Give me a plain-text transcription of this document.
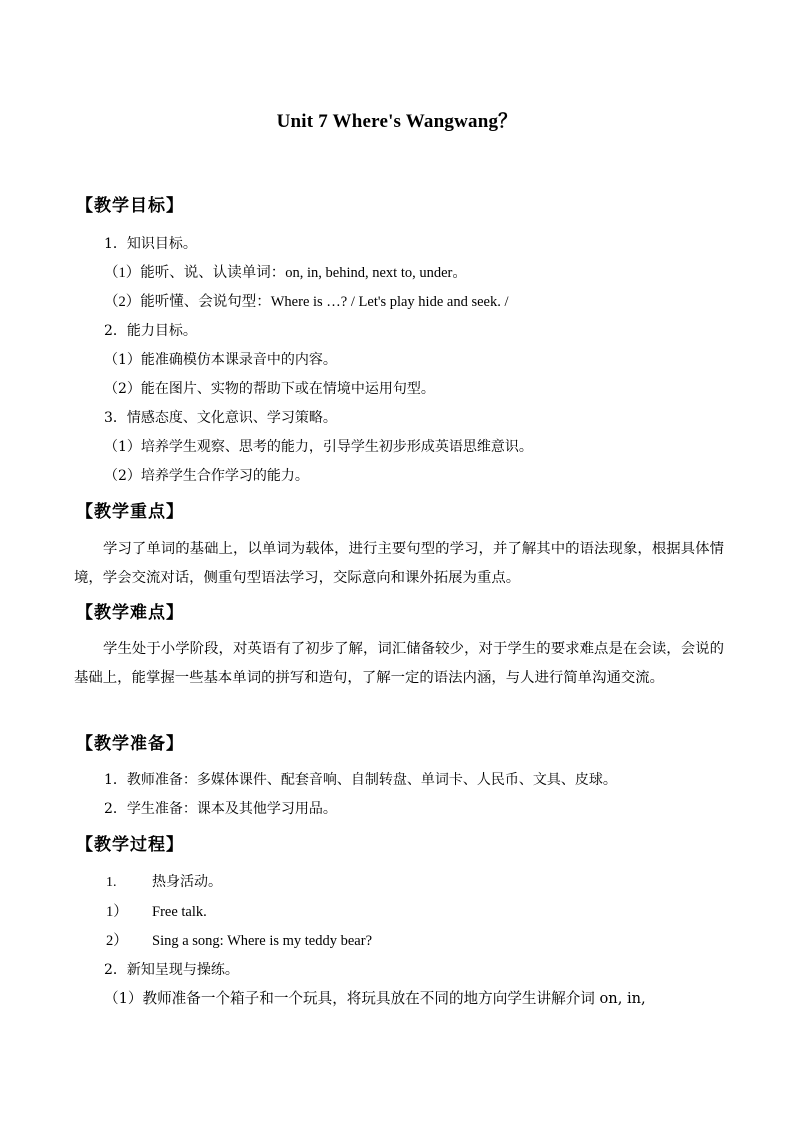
Unit 7 Where's Wangwang？
【教学目标】
1．知识目标。
（1）能听、说、认读单词：on, in, behind, next to, under。
（2）能听懂、会说句型：Where is …? / Let's play hide and seek. /
2．能力目标。
（1）能准确模仿本课录音中的内容。
（2）能在图片、实物的帮助下或在情境中运用句型。
3．情感态度、文化意识、学习策略。
（1）培养学生观察、思考的能力，引导学生初步形成英语思维意识。
（2）培养学生合作学习的能力。
【教学重点】
学习了单词的基础上，以单词为载体，进行主要句型的学习，并了解其中的语法现象，根据具体情境，学会交流对话，侧重句型语法学习，交际意向和课外拓展为重点。
【教学难点】
学生处于小学阶段，对英语有了初步了解，词汇储备较少，对于学生的要求难点是在会读，会说的基础上，能掌握一些基本单词的拼写和造句，了解一定的语法内涵，与人进行简单沟通交流。
【教学准备】
1．教师准备：多媒体课件、配套音响、自制转盘、单词卡、人民币、文具、皮球。
2．学生准备：课本及其他学习用品。
【教学过程】
1.	热身活动。
1） Free talk.
2） Sing a song: Where is my teddy bear?
2．新知呈现与操练。
（1）教师准备一个箱子和一个玩具，将玩具放在不同的地方向学生讲解介词 on, in,
